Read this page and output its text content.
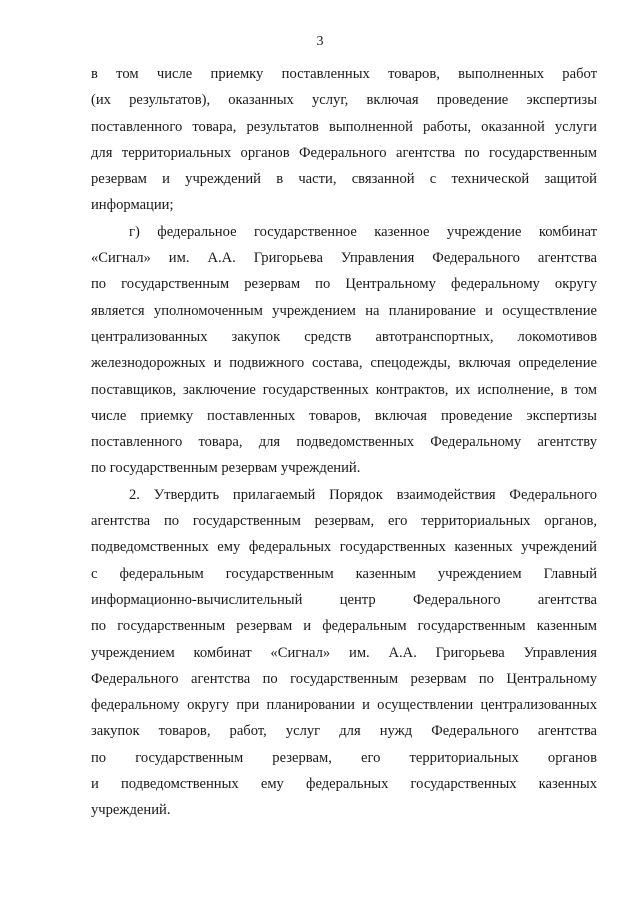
3
в том числе приемку поставленных товаров, выполненных работ
(их результатов), оказанных услуг, включая проведение экспертизы
поставленного товара, результатов выполненной работы, оказанной услуги
для территориальных органов Федерального агентства по государственным
резервам и учреждений в части, связанной с технической защитой
информации;
г) федеральное государственное казенное учреждение комбинат
«Сигнал» им. А.А. Григорьева Управления Федерального агентства
по государственным резервам по Центральному федеральному округу
является уполномоченным учреждением на планирование и осуществление
централизованных закупок средств автотранспортных, локомотивов
железнодорожных и подвижного состава, спецодежды, включая определение
поставщиков, заключение государственных контрактов, их исполнение, в том
числе приемку поставленных товаров, включая проведение экспертизы
поставленного товара, для подведомственных Федеральному агентству
по государственным резервам учреждений.
2. Утвердить прилагаемый Порядок взаимодействия Федерального
агентства по государственным резервам, его территориальных органов,
подведомственных ему федеральных государственных казенных учреждений
с федеральным государственным казенным учреждением Главный
информационно-вычислительный центр Федерального агентства
по государственным резервам и федеральным государственным казенным
учреждением комбинат «Сигнал» им. А.А. Григорьева Управления
Федерального агентства по государственным резервам по Центральному
федеральному округу при планировании и осуществлении централизованных
закупок товаров, работ, услуг для нужд Федерального агентства
по государственным резервам, его территориальных органов
и подведомственных ему федеральных государственных казенных
учреждений.
